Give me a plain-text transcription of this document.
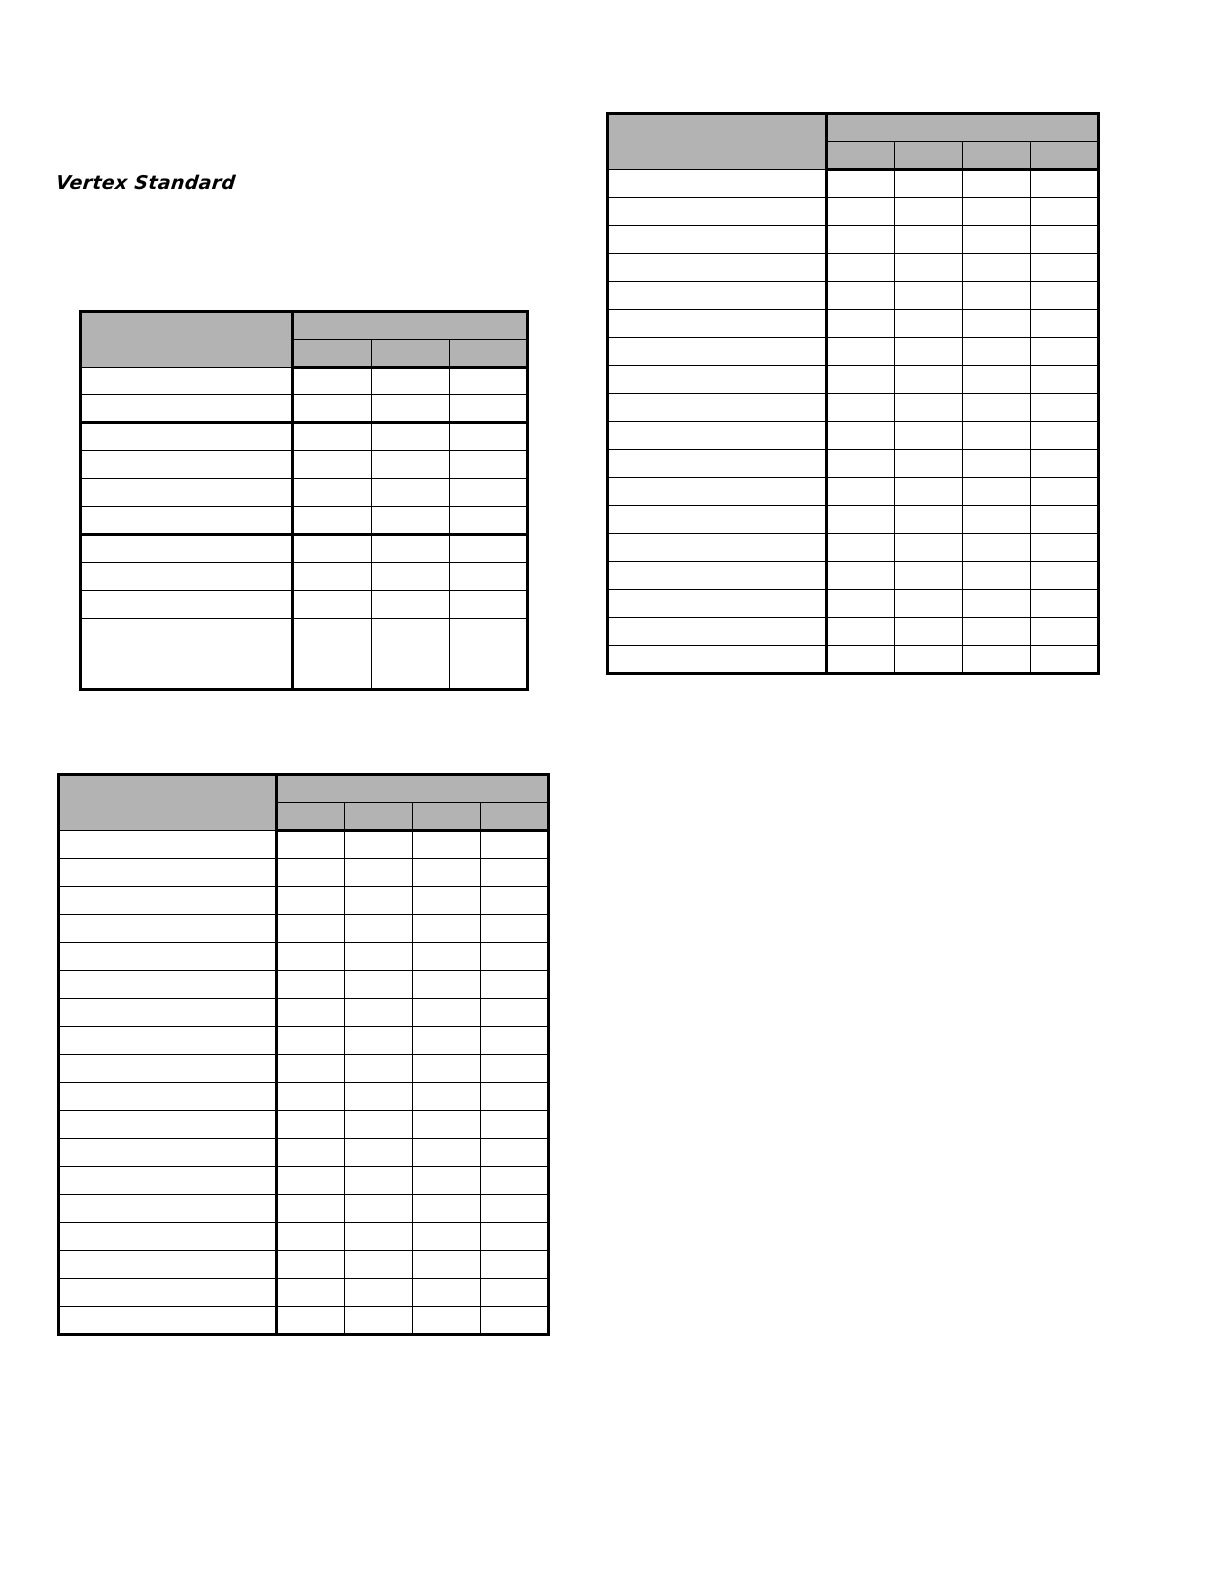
Vertex Standard
